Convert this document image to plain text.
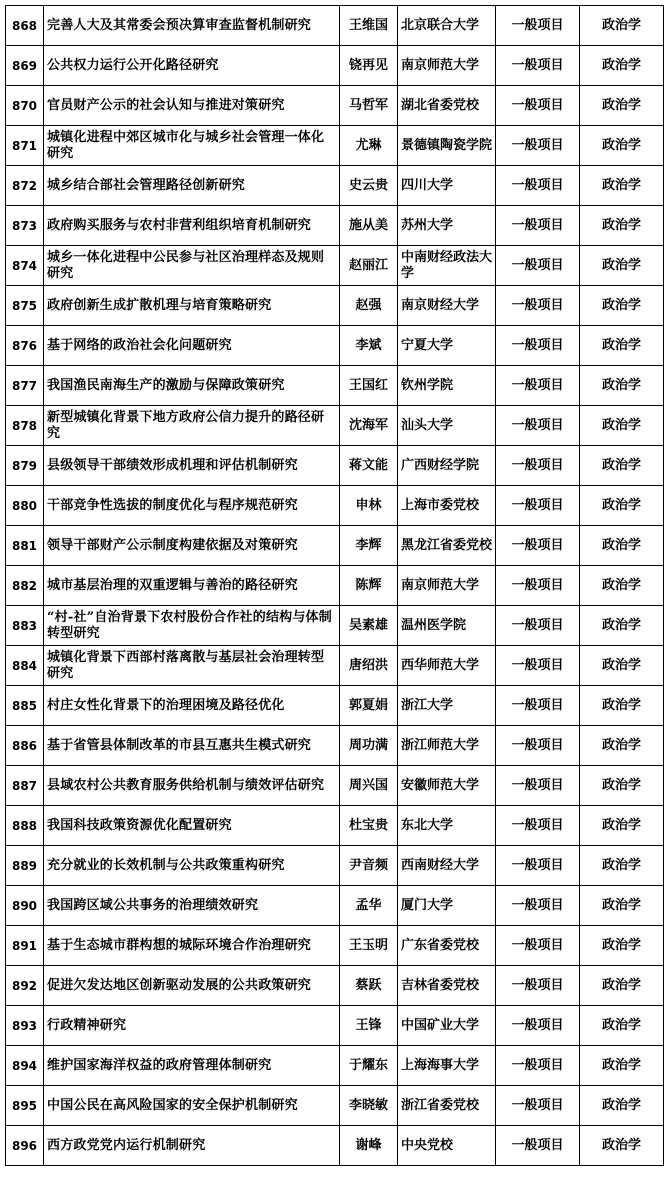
868	完善人大及其常委会预决算审查监督机制研究	王维国	北京联合大学	一般项目	政治学
869	公共权力运行公开化路径研究	铙再见	南京师范大学	一般项目	政治学
870	官员财产公示的社会认知与推进对策研究	马哲军	湖北省委党校	一般项目	政治学
871	城镇化进程中郊区城市化与城乡社会管理一体化研究	尤琳	景德镇陶瓷学院	一般项目	政治学
872	城乡结合部社会管理路径创新研究	史云贵	四川大学	一般项目	政治学
873	政府购买服务与农村非营利组织培育机制研究	施从美	苏州大学	一般项目	政治学
874	城乡一体化进程中公民参与社区治理样态及规则研究	赵丽江	中南财经政法大学	一般项目	政治学
875	政府创新生成扩散机理与培育策略研究	赵强	南京财经大学	一般项目	政治学
876	基于网络的政治社会化问题研究	李斌	宁夏大学	一般项目	政治学
877	我国渔民南海生产的激励与保障政策研究	王国红	钦州学院	一般项目	政治学
878	新型城镇化背景下地方政府公信力提升的路径研究	沈海军	汕头大学	一般项目	政治学
879	县级领导干部绩效形成机理和评估机制研究	蒋文能	广西财经学院	一般项目	政治学
880	干部竞争性选拔的制度优化与程序规范研究	申林	上海市委党校	一般项目	政治学
881	领导干部财产公示制度构建依据及对策研究	李辉	黑龙江省委党校	一般项目	政治学
882	城市基层治理的双重逻辑与善治的路径研究	陈辉	南京师范大学	一般项目	政治学
883	“村-社”自治背景下农村股份合作社的结构与体制转型研究	吴素雄	温州医学院	一般项目	政治学
884	城镇化背景下西部村落离散与基层社会治理转型研究	唐绍洪	西华师范大学	一般项目	政治学
885	村庄女性化背景下的治理困境及路径优化	郭夏娟	浙江大学	一般项目	政治学
886	基于省管县体制改革的市县互惠共生模式研究	周功满	浙江师范大学	一般项目	政治学
887	县域农村公共教育服务供给机制与绩效评估研究	周兴国	安徽师范大学	一般项目	政治学
888	我国科技政策资源优化配置研究	杜宝贵	东北大学	一般项目	政治学
889	充分就业的长效机制与公共政策重构研究	尹音频	西南财经大学	一般项目	政治学
890	我国跨区域公共事务的治理绩效研究	孟华	厦门大学	一般项目	政治学
891	基于生态城市群构想的城际环境合作治理研究	王玉明	广东省委党校	一般项目	政治学
892	促进欠发达地区创新驱动发展的公共政策研究	蔡跃	吉林省委党校	一般项目	政治学
893	行政精神研究	王锋	中国矿业大学	一般项目	政治学
894	维护国家海洋权益的政府管理体制研究	于耀东	上海海事大学	一般项目	政治学
895	中国公民在高风险国家的安全保护机制研究	李晓敏	浙江省委党校	一般项目	政治学
896	西方政党党内运行机制研究	谢峰	中央党校	一般项目	政治学
